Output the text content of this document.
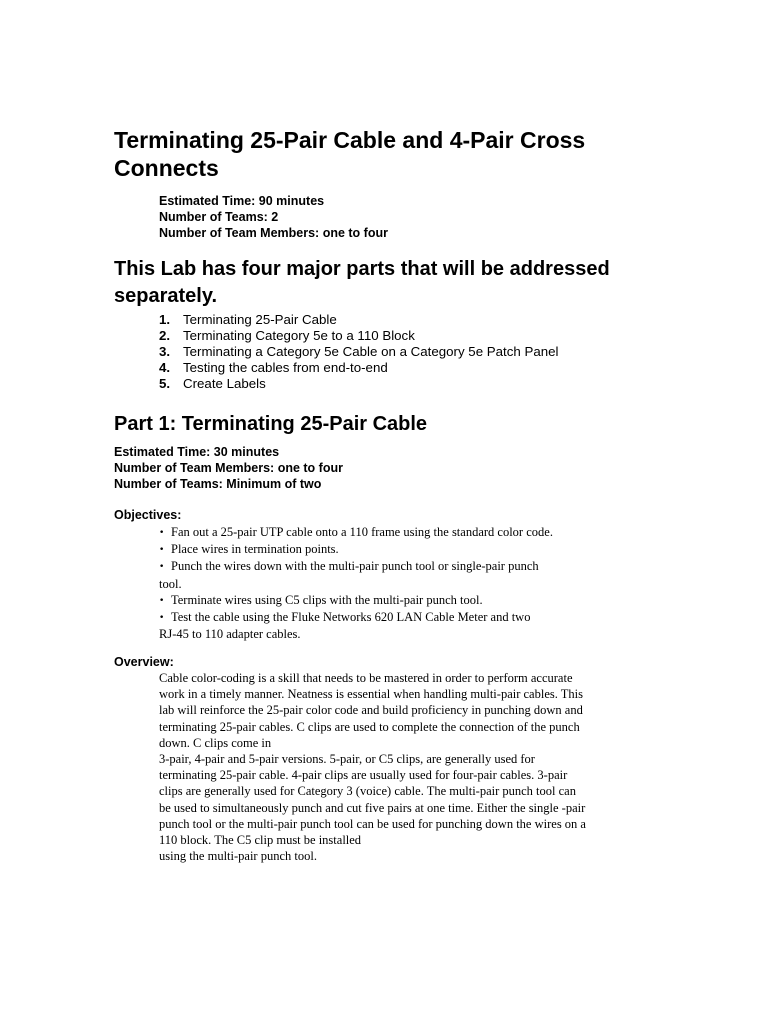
Terminating 25-Pair Cable and 4-Pair Cross Connects
Estimated Time: 90 minutes
Number of Teams: 2
Number of Team Members: one to four
This Lab has four major parts that will be addressed separately.
1. Terminating 25-Pair Cable
2. Terminating Category 5e to a 110 Block
3. Terminating a Category 5e Cable on a Category 5e Patch Panel
4. Testing the cables from end-to-end
5. Create Labels
Part 1: Terminating 25-Pair Cable
Estimated Time: 30 minutes
Number of Team Members: one to four
Number of Teams: Minimum of two
Objectives:
• Fan out a 25-pair UTP cable onto a 110 frame using the standard color code.
• Place wires in termination points.
• Punch the wires down with the multi-pair punch tool or single-pair punch
tool.
• Terminate wires using C5 clips with the multi-pair punch tool.
• Test the cable using the Fluke Networks 620 LAN Cable Meter and two
RJ-45 to 110 adapter cables.
Overview:
Cable color-coding is a skill that needs to be mastered in order to perform accurate
work in a timely manner. Neatness is essential when handling multi-pair cables. This
lab will reinforce the 25-pair color code and build proficiency in punching down and
terminating 25-pair cables. C clips are used to complete the connection of the punch
down. C clips come in
3-pair, 4-pair and 5-pair versions. 5-pair, or C5 clips, are generally used for
terminating 25-pair cable. 4-pair clips are usually used for four-pair cables. 3-pair
clips are generally used for Category 3 (voice) cable. The multi-pair punch tool can
be used to simultaneously punch and cut five pairs at one time. Either the single -pair
punch tool or the multi-pair punch tool can be used for punching down the wires on a
110 block. The C5 clip must be installed
using the multi-pair punch tool.
